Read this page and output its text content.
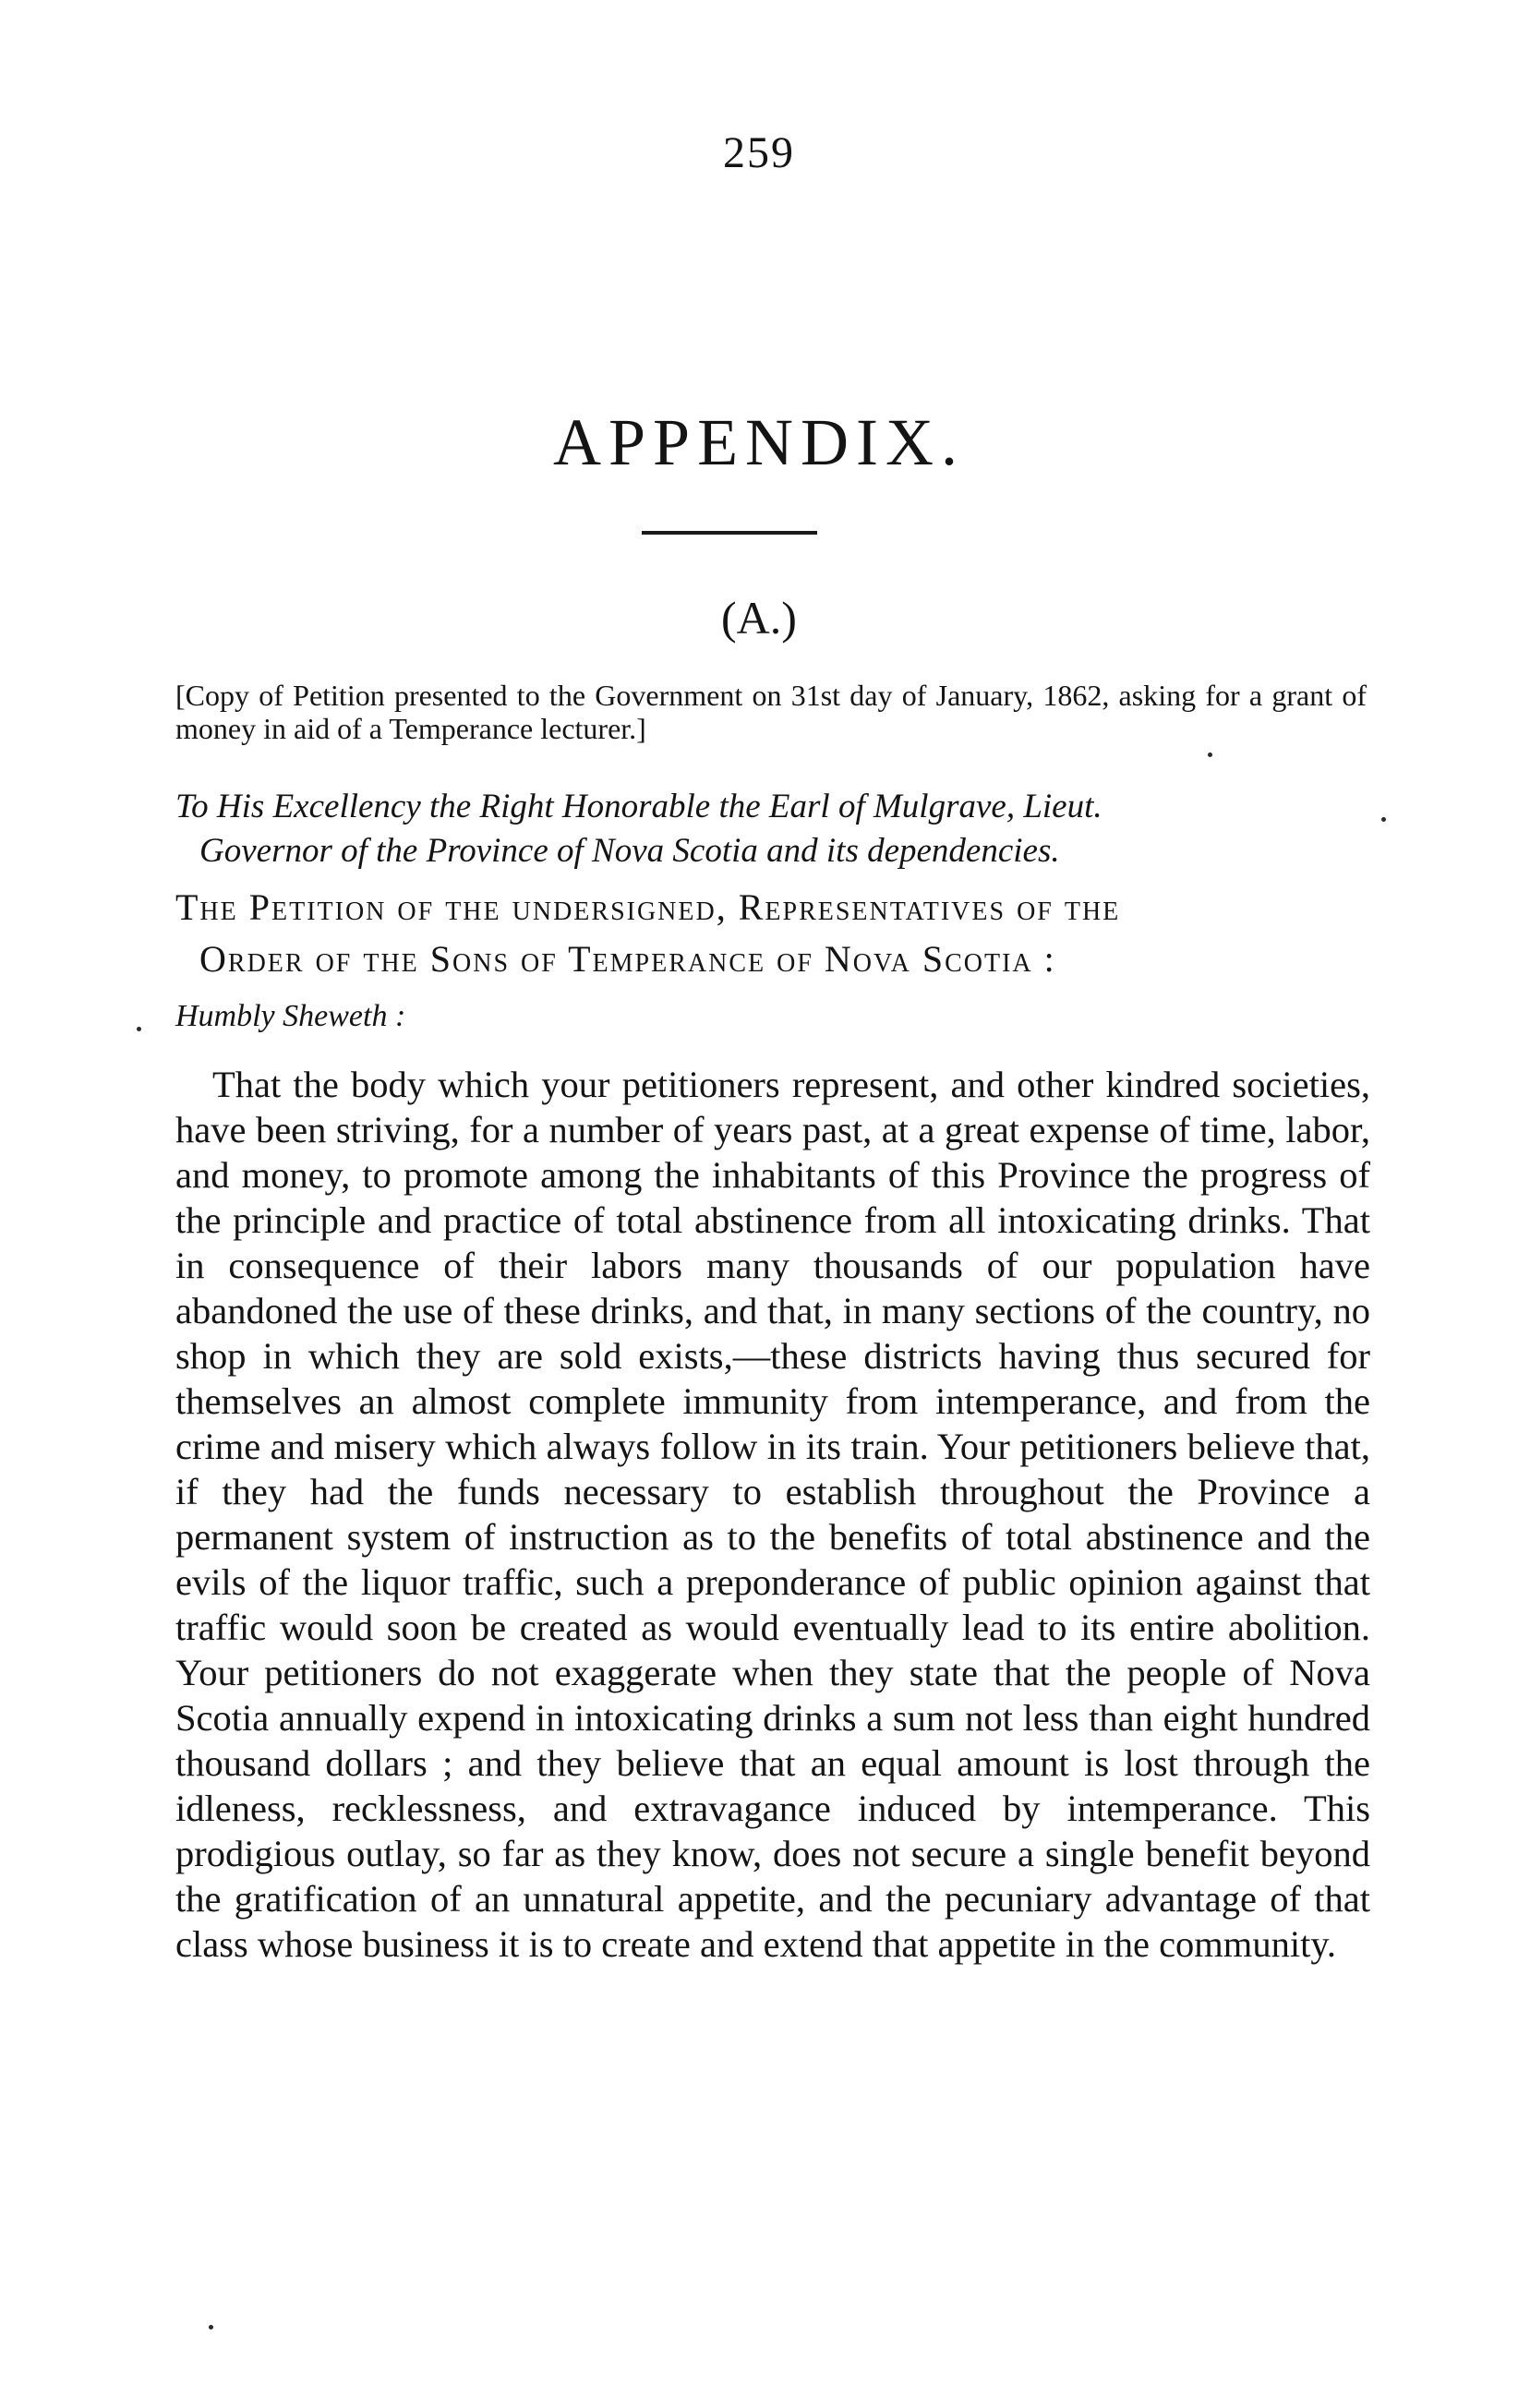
259
APPENDIX.
(A.)
[Copy of Petition presented to the Government on 31st day of January, 1862, asking for a grant of money in aid of a Temperance lecturer.]
To His Excellency the Right Honorable the Earl of Mulgrave, Lieut.
Governor of the Province of Nova Scotia and its dependencies.
The Petition of the undersigned, Representatives of the
Order of the Sons of Temperance of Nova Scotia :
Humbly Sheweth :
That the body which your petitioners represent, and other kindred societies, have been striving, for a number of years past, at a great expense of time, labor, and money, to promote among the inhabitants of this Province the progress of the principle and practice of total abstinence from all intoxicating drinks. That in consequence of their labors many thousands of our population have abandoned the use of these drinks, and that, in many sections of the country, no shop in which they are sold exists,—these districts having thus secured for themselves an almost complete immunity from intemperance, and from the crime and misery which always follow in its train. Your petitioners believe that, if they had the funds necessary to establish throughout the Province a permanent system of instruction as to the benefits of total abstinence and the evils of the liquor traffic, such a preponderance of public opinion against that traffic would soon be created as would eventually lead to its entire abolition. Your petitioners do not exaggerate when they state that the people of Nova Scotia annually expend in intoxicating drinks a sum not less than eight hundred thousand dollars ; and they believe that an equal amount is lost through the idleness, recklessness, and extravagance induced by intemperance. This prodigious outlay, so far as they know, does not secure a single benefit beyond the gratification of an unnatural appetite, and the pecuniary advantage of that class whose business it is to create and extend that appetite in the community.
